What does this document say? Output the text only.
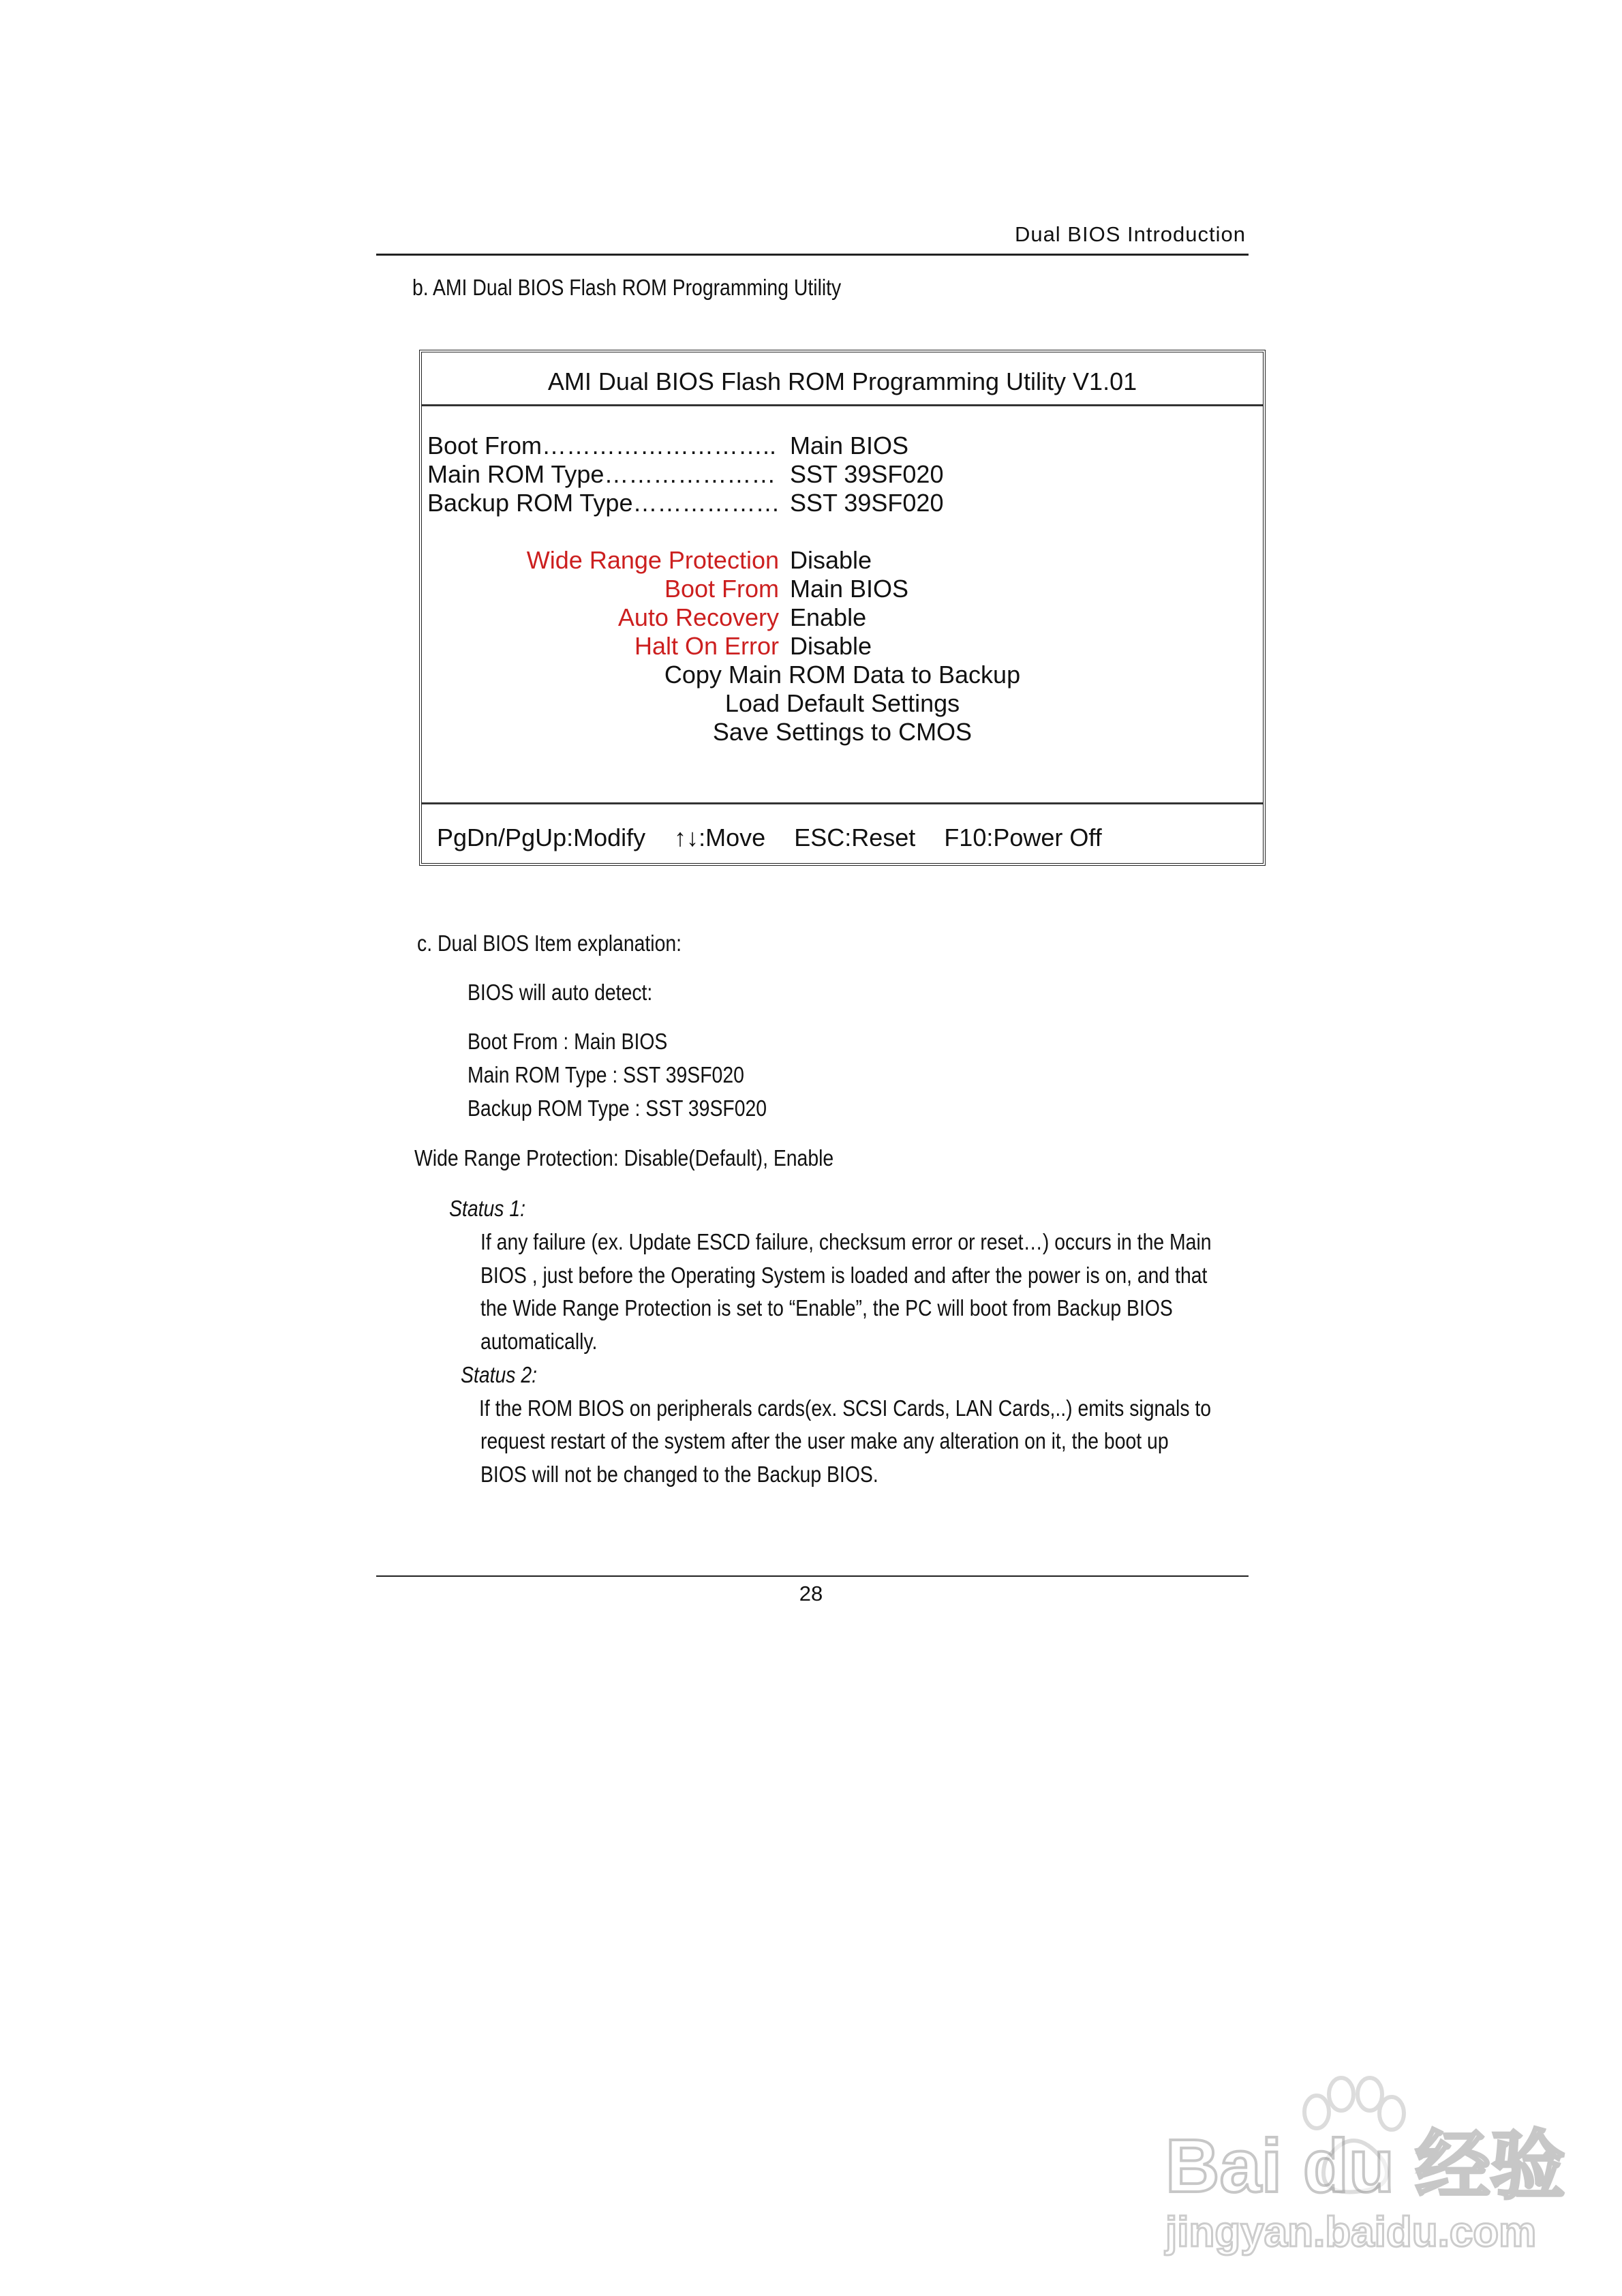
Dual BIOS Introduction
b. AMI Dual BIOS Flash ROM Programming Utility
AMI Dual BIOS Flash ROM Programming Utility V1.01
Boot From……………………….. Main BIOS
Main ROM Type………………… SST 39SF020
Backup ROM Type……………… SST 39SF020
Wide Range Protection Disable
Boot From Main BIOS
Auto Recovery Enable
Halt On Error Disable
Copy Main ROM Data to Backup
Load Default Settings
Save Settings to CMOS
PgDn/PgUp:Modify ↑↓:Move ESC:Reset F10:Power Off
c. Dual BIOS Item explanation:
BIOS will auto detect:
Boot From : Main BIOS
Main ROM Type : SST 39SF020
Backup ROM Type : SST 39SF020
Wide Range Protection: Disable(Default), Enable
Status 1:
If any failure (ex. Update ESCD failure, checksum error or reset…) occurs in the Main
BIOS , just before the Operating System is loaded and after the power is on, and that
the Wide Range Protection is set to “Enable”, the PC will boot from Backup BIOS
automatically.
Status 2:
If the ROM BIOS on peripherals cards(ex. SCSI Cards, LAN Cards,..) emits signals to
request restart of the system after the user make any alteration on it, the boot up
BIOS will not be changed to the Backup BIOS.
28
Bai du 经验
jingyan.baidu.com
